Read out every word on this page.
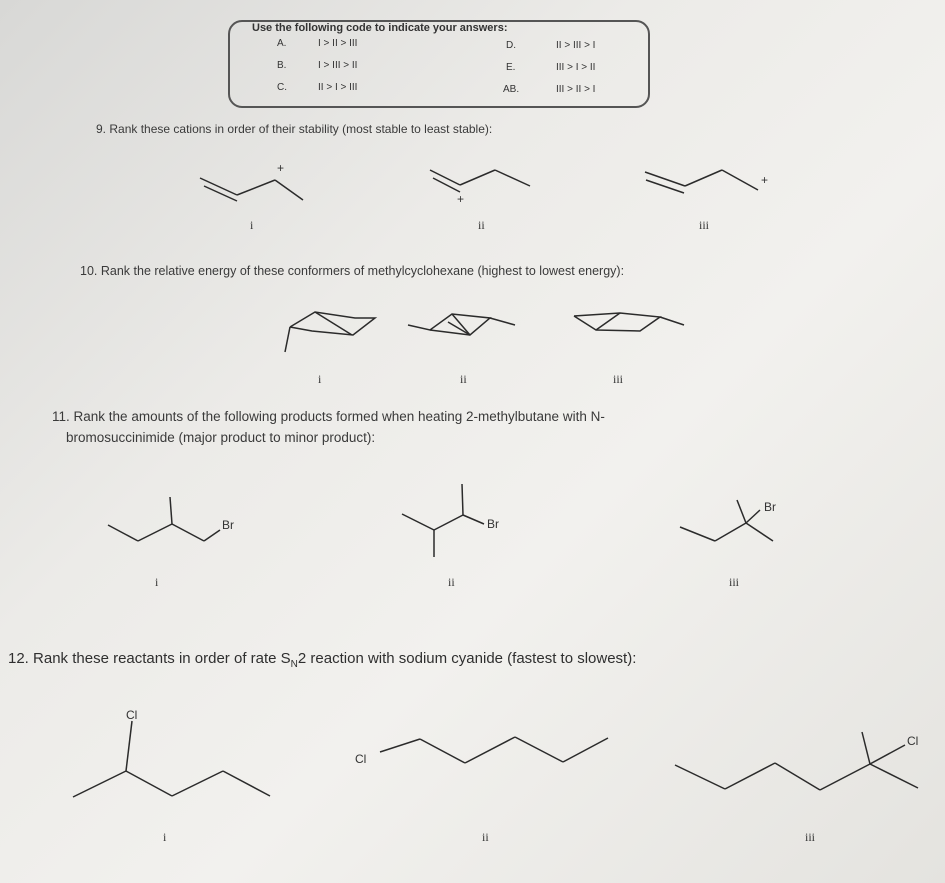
Use the following code to indicate your answers:
A.	I > II > III
B.	I > III > II
C.	II > I > III
D.	II > III > I
E.	III > I > II
AB.	III > II > I
9. Rank these cations in order of their stability (most stable to least stable):
+
+
+
i	ii	iii
10. Rank the relative energy of these conformers of methylcyclohexane (highest to lowest energy):
i	ii	iii
11. Rank the amounts of the following products formed when heating 2-methylbutane with N-
bromosuccinimide (major product to minor product):
Br	Br
Br
i	ii	iii
12. Rank these reactants in order of rate $S_N2$ reaction with sodium cyanide (fastest to slowest):
Cl
Cl
Cl
i	ii	iii
